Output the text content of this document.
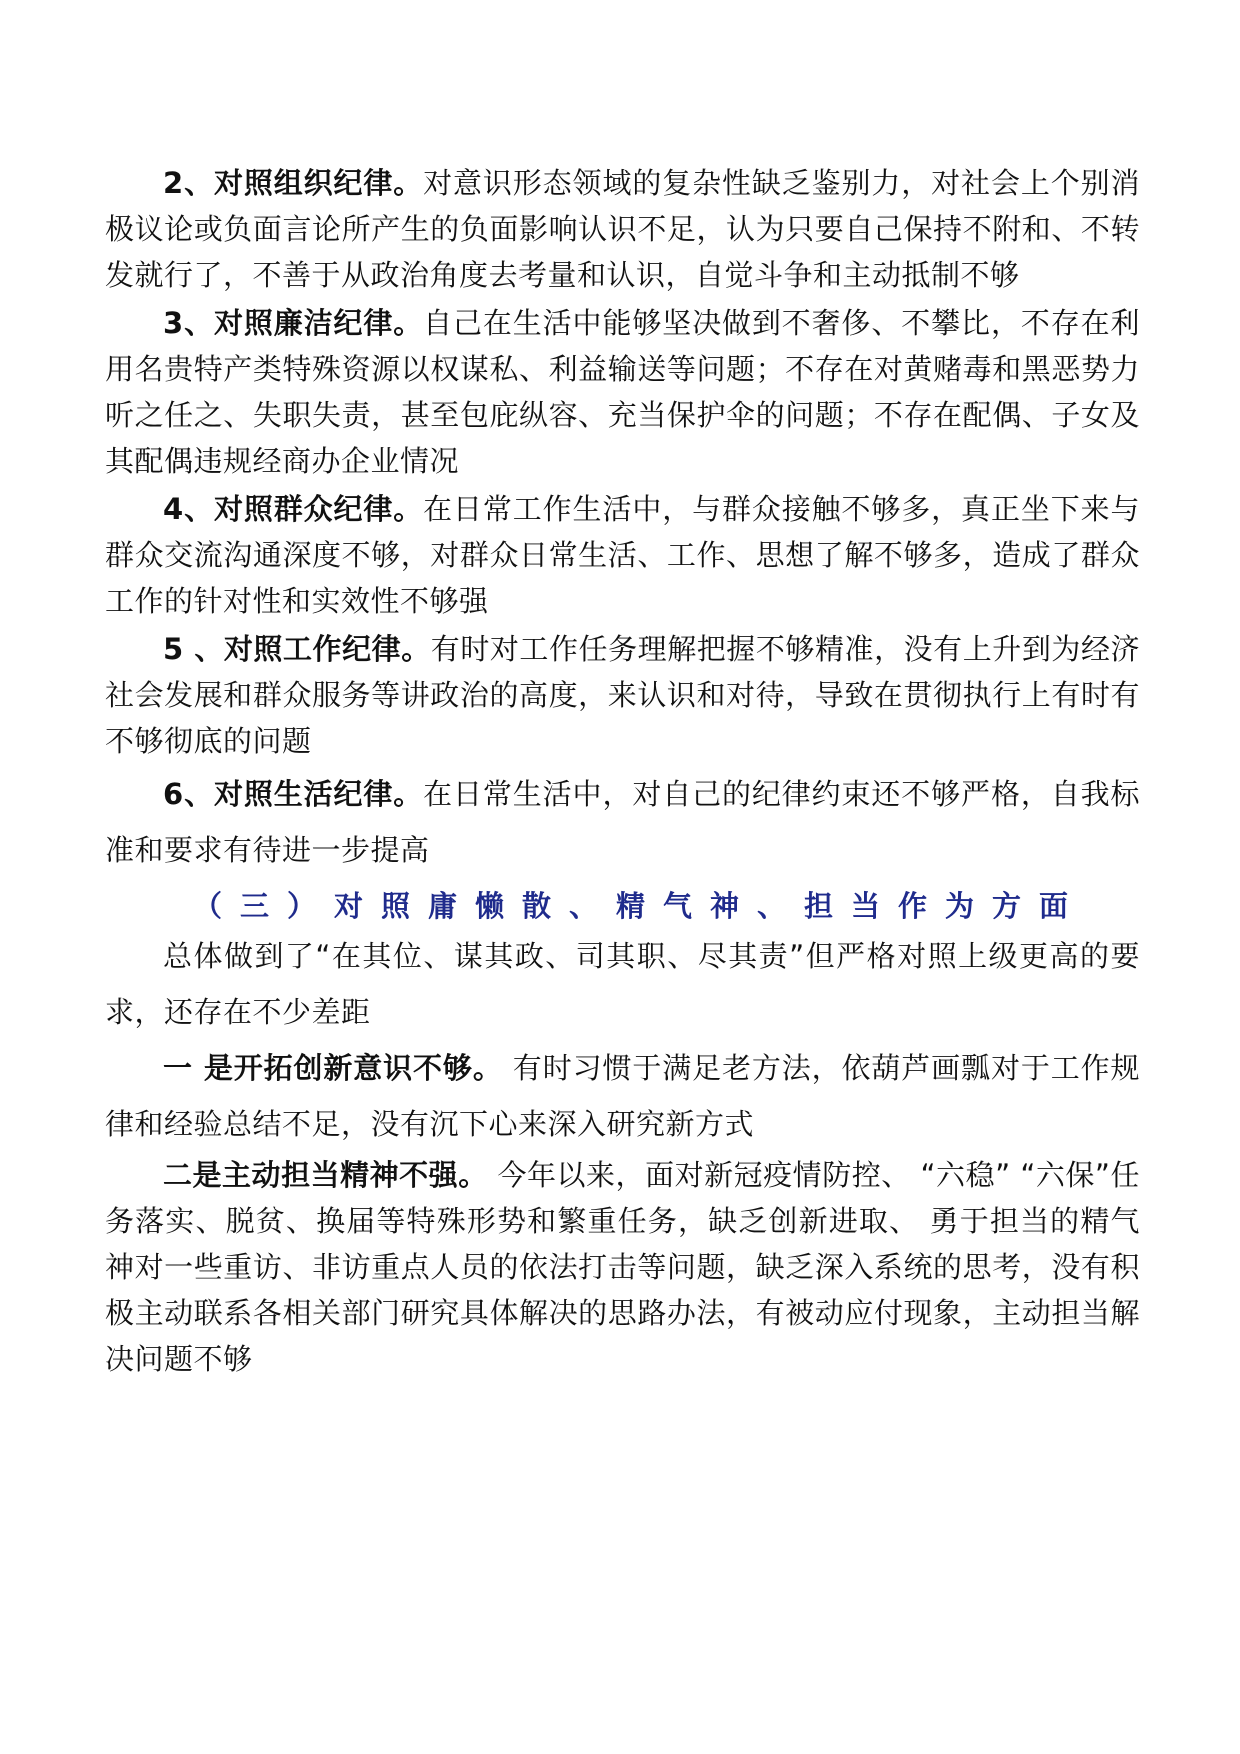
2、对照组织纪律。对意识形态领域的复杂性缺乏鉴别力，对社会上个别消极议论或负面言论所产生的负面影响认识不足，认为只要自己保持不附和、不转发就行了，不善于从政治角度去考量和认识，自觉斗争和主动抵制不够

3、对照廉洁纪律。自己在生活中能够坚决做到不奢侈、不攀比，不存在利用名贵特产类特殊资源以权谋私、利益输送等问题；不存在对黄赌毒和黑恶势力听之任之、失职失责，甚至包庇纵容、充当保护伞的问题；不存在配偶、子女及其配偶违规经商办企业情况

4、对照群众纪律。在日常工作生活中，与群众接触不够多，真正坐下来与群众交流沟通深度不够，对群众日常生活、工作、思想了解不够多，造成了群众工作的针对性和实效性不够强

5 、对照工作纪律。有时对工作任务理解把握不够精准，没有上升到为经济社会发展和群众服务等讲政治的高度，来认识和对待，导致在贯彻执行上有时有不够彻底的问题

6、对照生活纪律。在日常生活中，对自己的纪律约束还不够严格，自我标准和要求有待进一步提高

（三）对照庸懒散、精气神、担当作为方面

总体做到了“在其位、谋其政、司其职、尽其责”但严格对照上级更高的要求，还存在不少差距

一 是开拓创新意识不够。 有时习惯于满足老方法，依葫芦画瓢对于工作规律和经验总结不足，没有沉下心来深入研究新方式

二是主动担当精神不强。 今年以来，面对新冠疫情防控、 “六稳” “六保”任务落实、脱贫、换届等特殊形势和繁重任务，缺乏创新进取、 勇于担当的精气神对一些重访、非访重点人员的依法打击等问题，缺乏深入系统的思考，没有积极主动联系各相关部门研究具体解决的思路办法，有被动应付现象，主动担当解决问题不够
